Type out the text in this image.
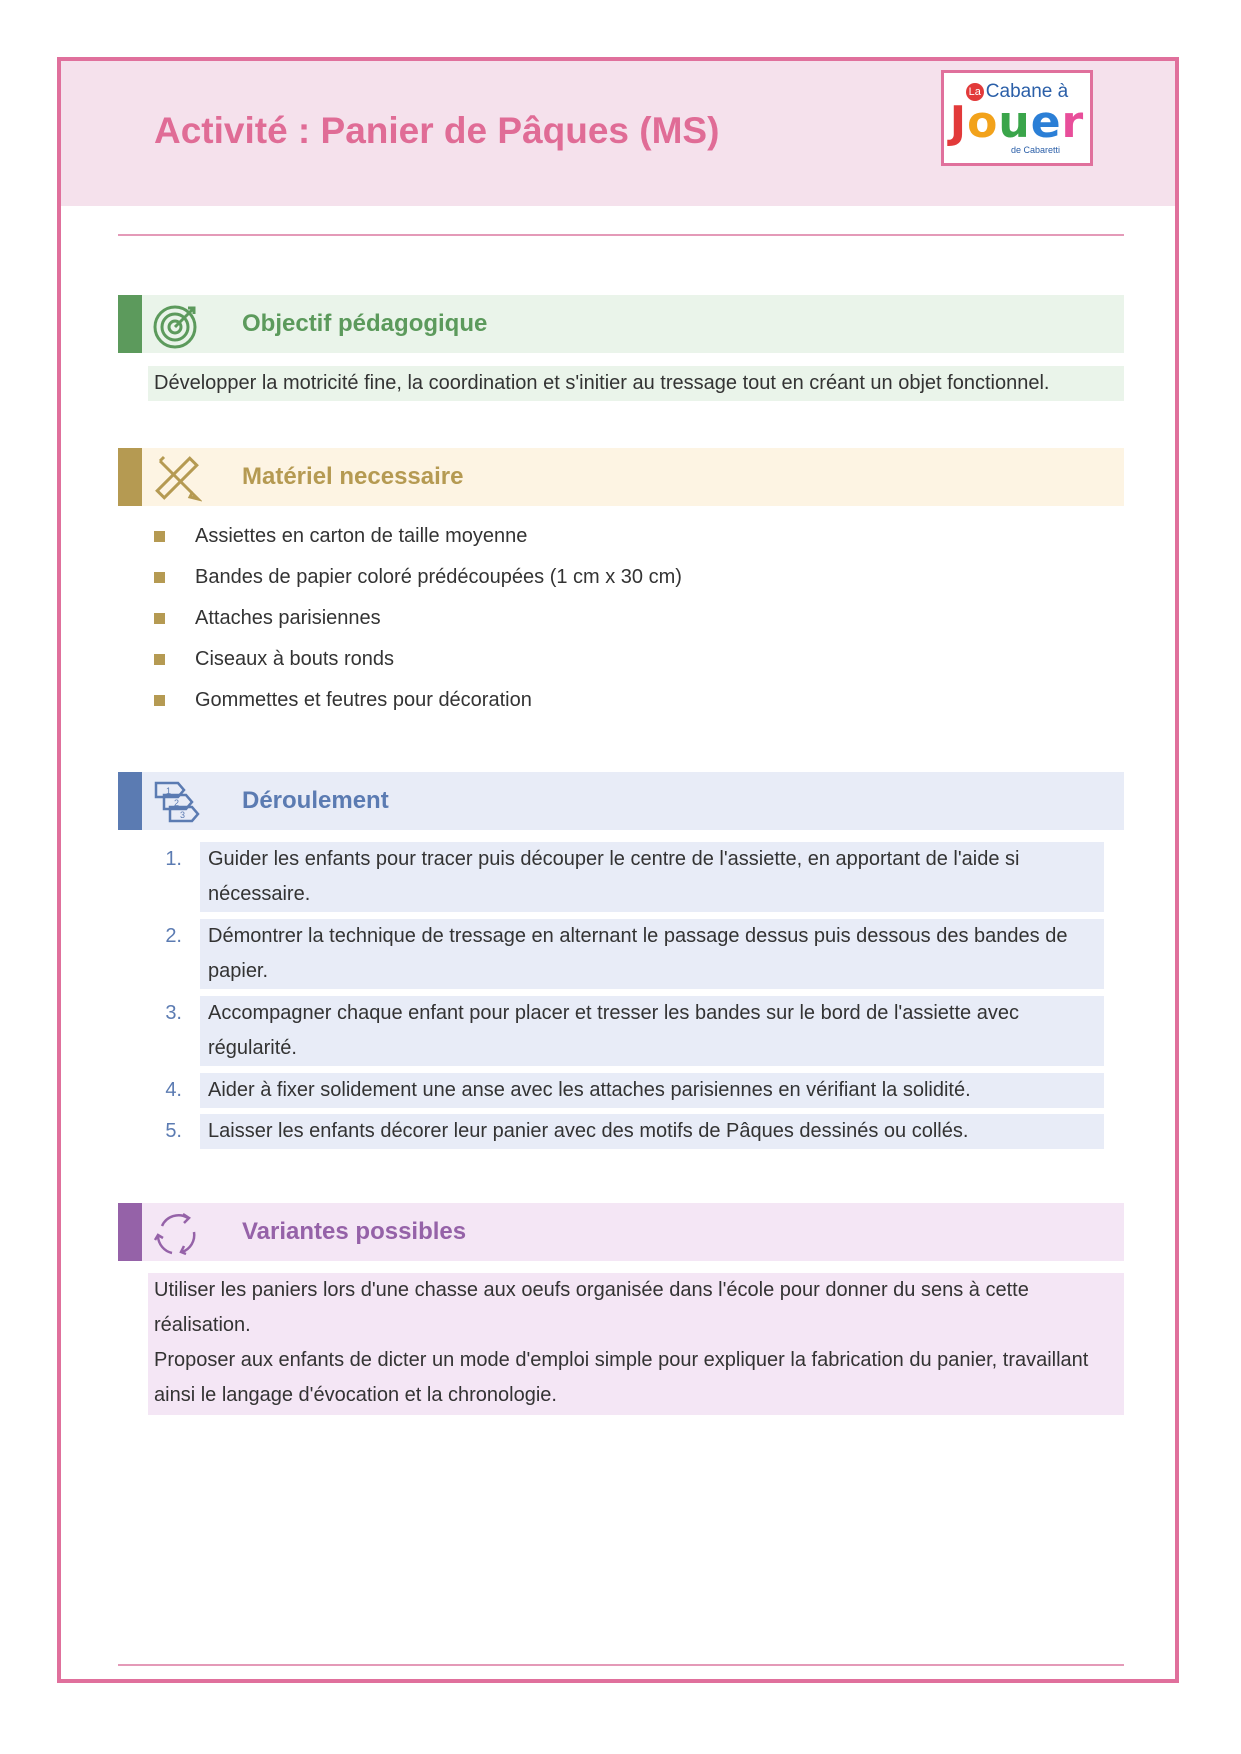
Activité : Panier de Pâques (MS)
La Cabane à
Jouer
de Cabaretti
Objectif pédagogique
Développer la motricité fine, la coordination et s'initier au tressage tout en créant un objet fonctionnel.
Matériel necessaire
Assiettes en carton de taille moyenne
Bandes de papier coloré prédécoupées (1 cm x 30 cm)
Attaches parisiennes
Ciseaux à bouts ronds
Gommettes et feutres pour décoration
1
2
3
Déroulement
1.	Guider les enfants pour tracer puis découper le centre de l'assiette, en apportant de l'aide si nécessaire.
2.	Démontrer la technique de tressage en alternant le passage dessus puis dessous des bandes de papier.
3.	Accompagner chaque enfant pour placer et tresser les bandes sur le bord de l'assiette avec régularité.
4.	Aider à fixer solidement une anse avec les attaches parisiennes en vérifiant la solidité.
5.	Laisser les enfants décorer leur panier avec des motifs de Pâques dessinés ou collés.
Variantes possibles
Utiliser les paniers lors d'une chasse aux oeufs organisée dans l'école pour donner du sens à cette réalisation.
Proposer aux enfants de dicter un mode d'emploi simple pour expliquer la fabrication du panier, travaillant ainsi le langage d'évocation et la chronologie.
